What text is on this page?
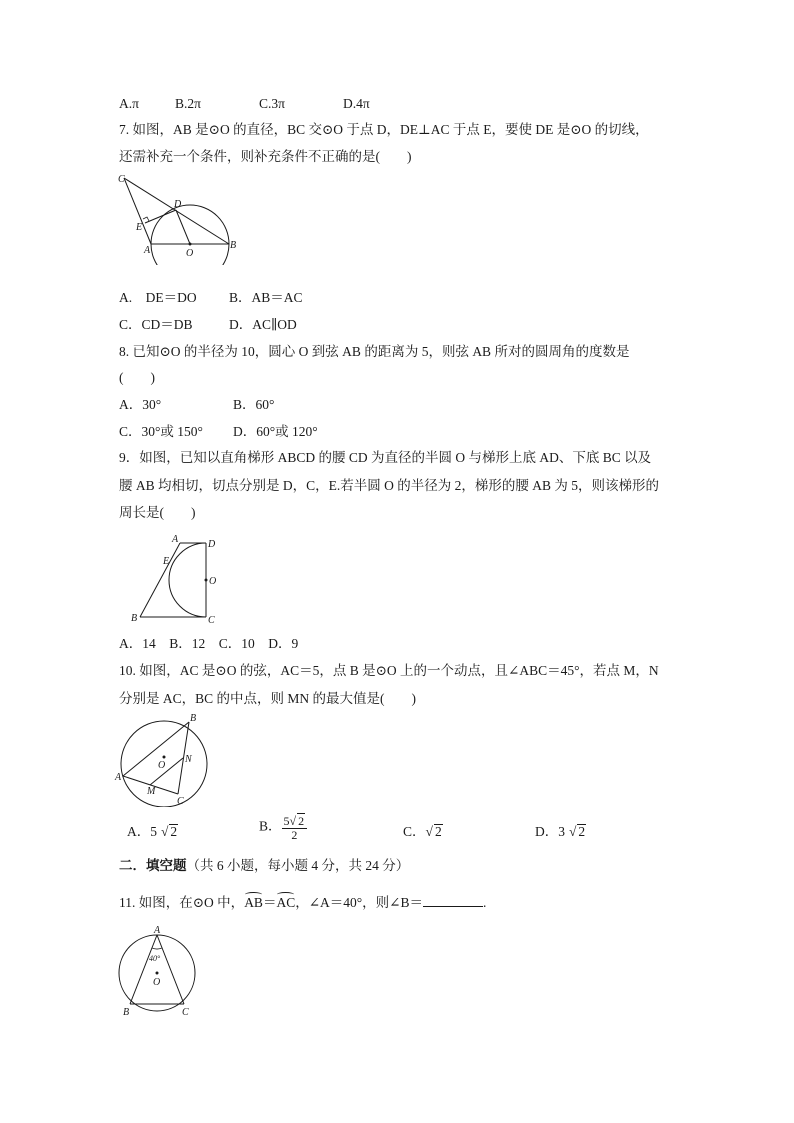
A.π	B.2π	C.3π	D.4π
7. 如图，AB 是⊙O 的直径，BC 交⊙O 于点 D，DE⊥AC 于点 E，要使 DE 是⊙O 的切线，
还需补充一个条件，则补充条件不正确的是(　　)
C
D
E
A	O
B
A.　DE＝DO B．AB＝AC
C．CD＝DB	D．AC∥OD
8. 已知⊙O 的半径为 10，圆心 O 到弦 AB 的距离为 5，则弦 AB 所对的圆周角的度数是
(　　)
A．30°	B．60°
C．30°或 150° D．60°或 120°
9．如图，已知以直角梯形 ABCD 的腰 CD 为直径的半圆 O 与梯形上底 AD、下底 BC 以及
腰 AB 均相切，切点分别是 D，C，E.若半圆 O 的半径为 2，梯形的腰 AB 为 5，则该梯形的
周长是(　　)
A	D
E
O
B	C
A．14　B．12　C．10　D．9
10. 如图，AC 是⊙O 的弦，AC＝5，点 B 是⊙O 上的一个动点，且∠ABC＝45°，若点 M，N
分别是 AC，BC 的中点，则 MN 的最大值是(　　)
B
O
N
A
M
C
A．5 √ 2	B． $\frac{5√ 2}{2}$	C．√ 2	D．3 √ 2
二．填空题（共 6 小题，每小题 4 分，共 24 分）
11. 如图，在⊙O 中，AB＝AC，∠A＝40°，则∠B＝	.
A
40°
O
B	C
